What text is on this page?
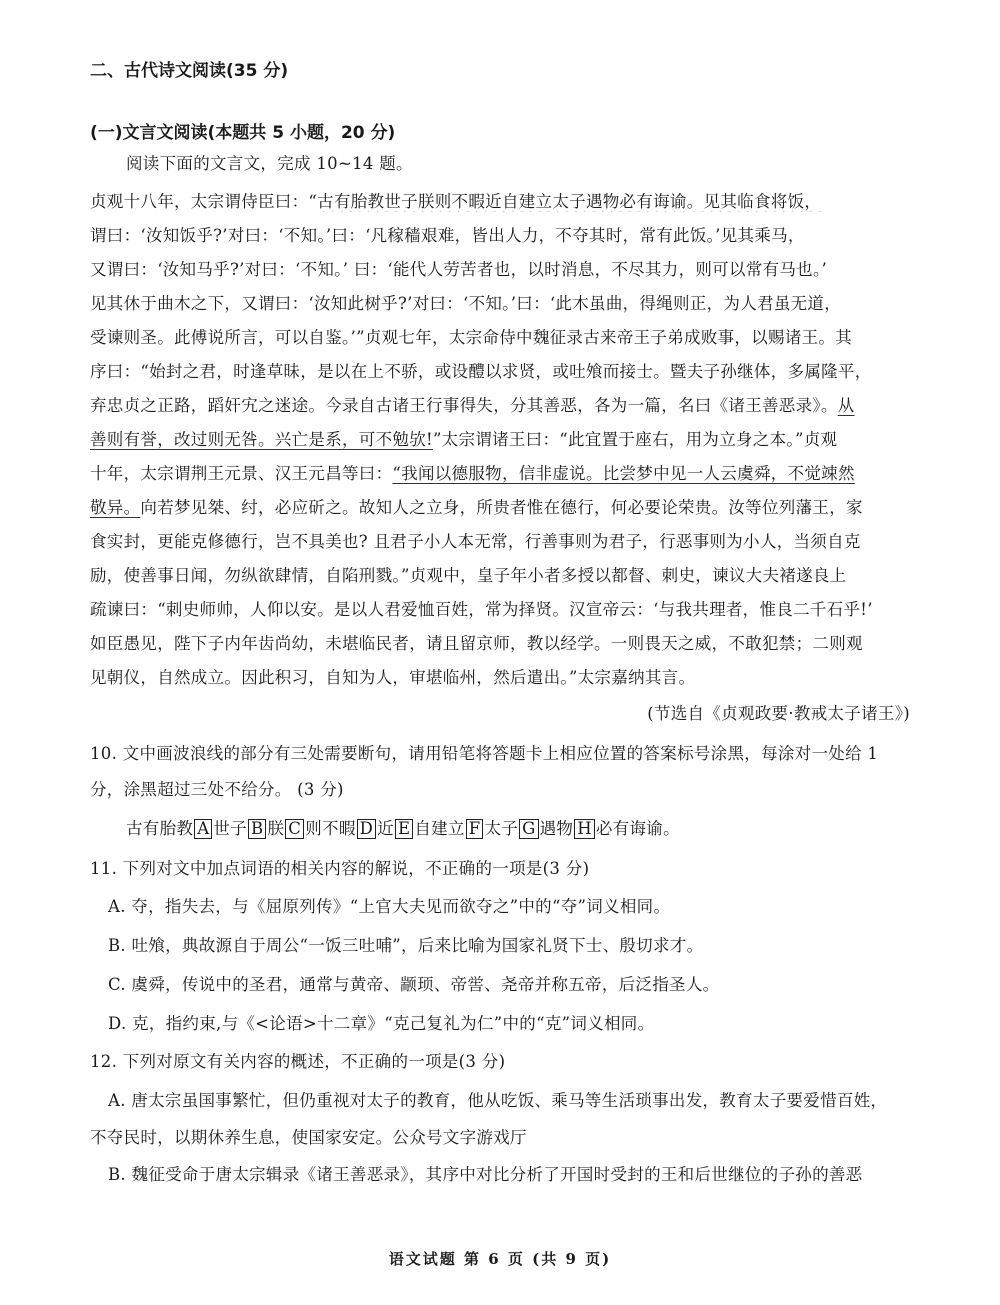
二、古代诗文阅读(35 分)
(一)文言文阅读(本题共 5 小题，20 分)
阅读下面的文言文，完成 10~14 题。
贞观十八年，太宗谓侍臣曰：“古有胎教世子朕则不暇近自建立太子遇物必有诲谕。见其临食将饭，
谓曰：‘汝知饭乎?’对曰：‘不知。’曰：‘凡稼穑艰难，皆出人力，不夺其时，常有此饭。’见其乘马，
又谓曰：‘汝知马乎?’对曰：‘不知。’ 曰：‘能代人劳苦者也，以时消息，不尽其力，则可以常有马也。’
见其休于曲木之下，又谓曰：‘汝知此树乎?’对曰：‘不知。’曰：‘此木虽曲，得绳则正，为人君虽无道，
受谏则圣。此傅说所言，可以自鉴。’”贞观七年，太宗命侍中魏征录古来帝王子弟成败事，以赐诸王。其
序曰：“始封之君，时逢草昧，是以在上不骄，或设醴以求贤，或吐飧而接士。暨夫子孙继体，多属隆平，
弃忠贞之正路，蹈奸宄之迷途。今录自古诸王行事得失，分其善恶，各为一篇，名曰《诸王善恶录》。从
善则有誉，改过则无咎。兴亡是系，可不勉欤!”太宗谓诸王曰：“此宜置于座右，用为立身之本。”贞观
十年，太宗谓荆王元景、汉王元昌等曰：“我闻以德服物，信非虚说。比尝梦中见一人云虞舜，不觉竦然
敬异。向若梦见桀、纣，必应斫之。故知人之立身，所贵者惟在德行，何必要论荣贵。汝等位列藩王，家
食实封，更能克修德行，岂不具美也? 且君子小人本无常，行善事则为君子，行恶事则为小人，当须自克
励，使善事日闻，勿纵欲肆情，自陷刑戮。”贞观中，皇子年小者多授以都督、刺史，谏议大夫褚遂良上
疏谏曰：“刺史师帅，人仰以安。是以人君爱恤百姓，常为择贤。汉宣帝云：‘与我共理者，惟良二千石乎!’
如臣愚见，陛下子内年齿尚幼，未堪临民者，请且留京师，教以经学。一则畏天之威，不敢犯禁；二则观
见朝仪，自然成立。因此积习，自知为人，审堪临州，然后遣出。”太宗嘉纳其言。
(节选自《贞观政要·教戒太子诸王》)
10. 文中画波浪线的部分有三处需要断句，请用铅笔将答题卡上相应位置的答案标号涂黑，每涂对一处给 1
分，涂黑超过三处不给分。 (3 分)
古有胎教 A 世子 B 朕 C 则不暇 D 近 E 自建立 F 太子 G 遇物 H 必有诲谕。
11. 下列对文中加点词语的相关内容的解说，不正确的一项是(3 分)
A. 夺，指失去，与《屈原列传》“上官大夫见而欲夺之”中的“夺”词义相同。
B. 吐飧，典故源自于周公“一饭三吐哺”，后来比喻为国家礼贤下士、殷切求才。
C. 虞舜，传说中的圣君，通常与黄帝、颛顼、帝喾、尧帝并称五帝，后泛指圣人。
D. 克，指约束,与《<论语>十二章》“克己复礼为仁”中的“克”词义相同。
12. 下列对原文有关内容的概述，不正确的一项是(3 分)
A. 唐太宗虽国事繁忙，但仍重视对太子的教育，他从吃饭、乘马等生活琐事出发，教育太子要爱惜百姓，
不夺民时，以期休养生息，使国家安定。公众号文字游戏厅
B. 魏征受命于唐太宗辑录《诸王善恶录》，其序中对比分析了开国时受封的王和后世继位的子孙的善恶
语文试题 第 6 页 (共 9 页)
